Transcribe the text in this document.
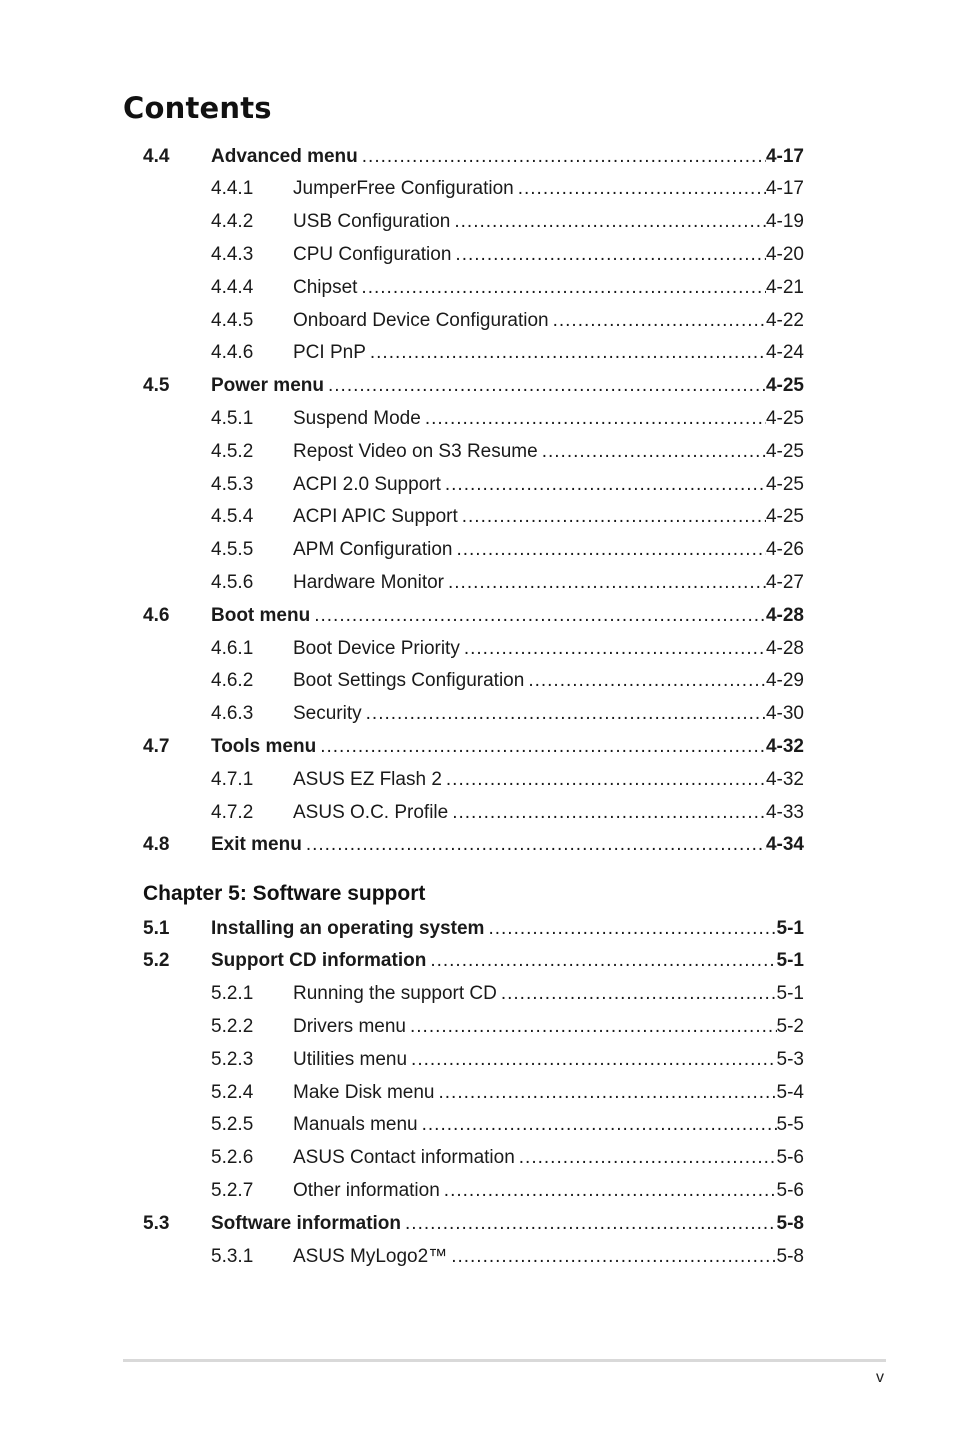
Contents
4.4	Advanced menu .....	4-17
4.4.1	JumperFree Configuration .....	4-17
4.4.2	USB Configuration .....	4-19
4.4.3	CPU Configuration .....	4-20
4.4.4	Chipset .....	4-21
4.4.5	Onboard Device Configuration .....	4-22
4.4.6	PCI PnP .....	4-24
4.5	Power menu .....	4-25
4.5.1	Suspend Mode .....	4-25
4.5.2	Repost Video on S3 Resume .....	4-25
4.5.3	ACPI 2.0 Support .....	4-25
4.5.4	ACPI APIC Support .....	4-25
4.5.5	APM Configuration .....	4-26
4.5.6	Hardware Monitor .....	4-27
4.6	Boot menu .....	4-28
4.6.1	Boot Device Priority .....	4-28
4.6.2	Boot Settings Configuration .....	4-29
4.6.3	Security .....	4-30
4.7	Tools menu .....	4-32
4.7.1	ASUS EZ Flash 2 .....	4-32
4.7.2	ASUS O.C. Profile .....	4-33
4.8	Exit menu .....	4-34
Chapter 5: Software support
5.1	Installing an operating system .....	5-1
5.2	Support CD information .....	5-1
5.2.1	Running the support CD .....	5-1
5.2.2	Drivers menu .....	5-2
5.2.3	Utilities menu .....	5-3
5.2.4	Make Disk menu .....	5-4
5.2.5	Manuals menu .....	5-5
5.2.6	ASUS Contact information .....	5-6
5.2.7	Other information .....	5-6
5.3	Software information .....	5-8
5.3.1	ASUS MyLogo2™ .....	5-8
v
